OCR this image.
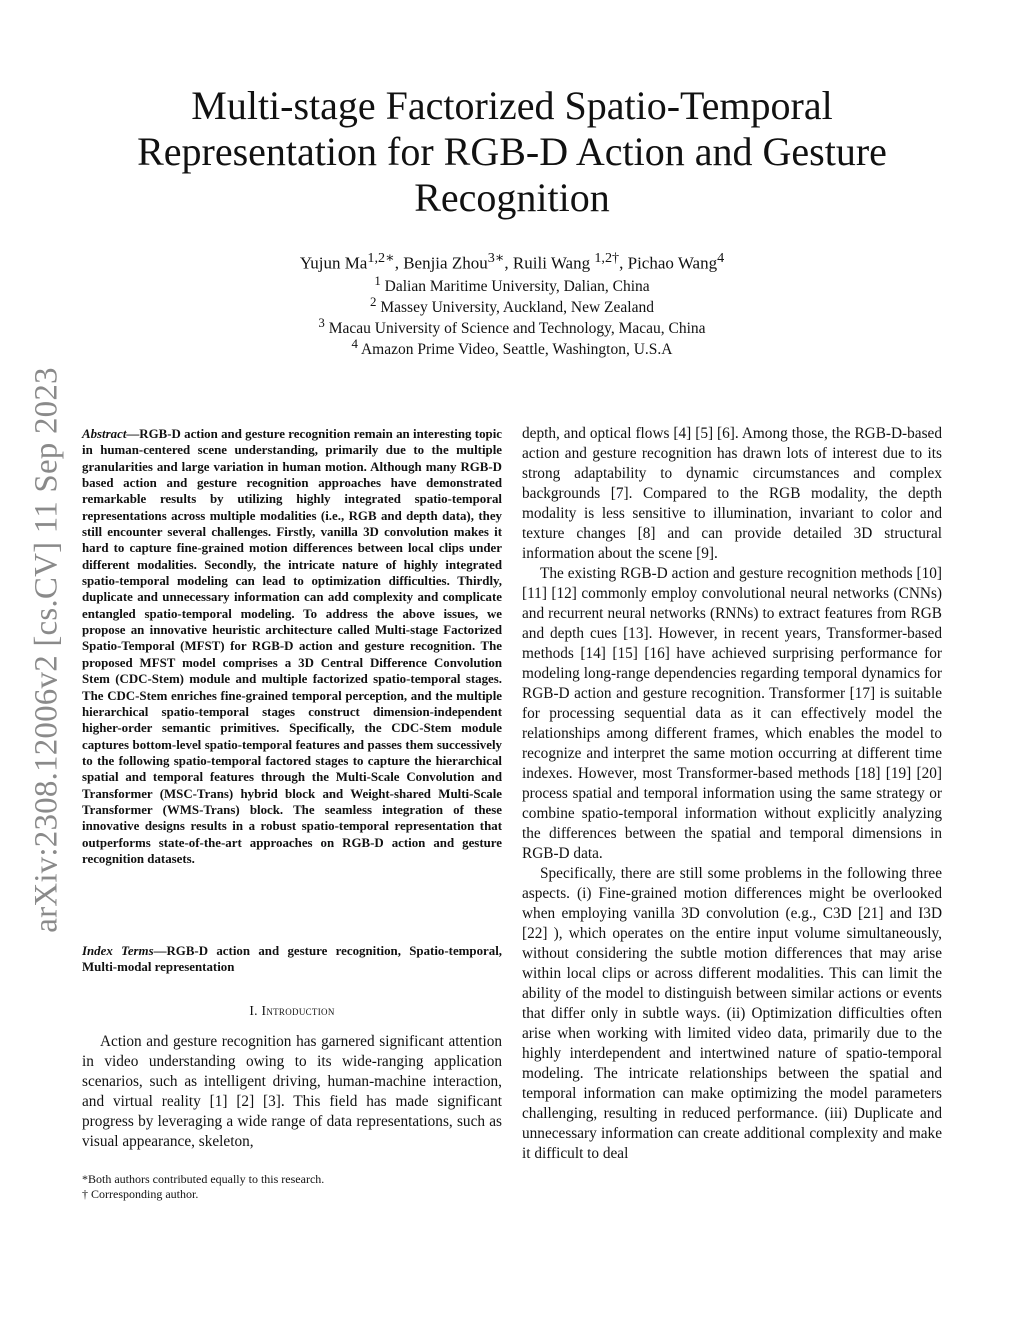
Multi-stage Factorized Spatio-Temporal Representation for RGB-D Action and Gesture Recognition
Yujun $Ma^{1,2∗}$, Benjia Zhou$^{3∗}$, Ruili Wang $^{1,2\dagger}$, Pichao Wang$^4$
$^1$ Dalian Maritime University, Dalian, China
$^2$ Massey University, Auckland, New Zealand
$^3$ Macau University of Science and Technology, Macau, China
$^4$ Amazon Prime Video, Seattle, Washington, U.S.A
arXiv:2308.12006v2 [cs.CV] 11 Sep 2023 Abstract—RGB-D action and gesture recognition remain an interesting topic in human-centered scene understanding, primarily due to the multiple granularities and large variation in human motion. Although many RGB-D based action and gesture recognition approaches have demonstrated remarkable results by utilizing highly integrated spatio-temporal representations across multiple modalities (i.e., RGB and depth data), they still encounter several challenges. Firstly, vanilla 3D convolution makes it hard to capture fine-grained motion differences between local clips under different modalities. Secondly, the intricate nature of highly integrated spatio-temporal modeling can lead to optimization difficulties. Thirdly, duplicate and unnecessary information can add complexity and complicate entangled spatio-temporal modeling. To address the above issues, we propose an innovative heuristic architecture called Multi-stage Factorized Spatio-Temporal (MFST) for RGB-D action and gesture recognition. The proposed MFST model comprises a 3D Central Difference Convolution Stem (CDC-Stem) module and multiple factorized spatio-temporal stages. The CDC-Stem enriches fine-grained temporal perception, and the multiple hierarchical spatio-temporal stages construct dimension-independent higher-order semantic primitives. Specifically, the CDC-Stem module captures bottom-level spatio-temporal features and passes them successively to the following spatio-temporal factored stages to capture the hierarchical spatial and temporal features through the Multi-Scale Convolution and Transformer (MSC-Trans) hybrid block and Weight-shared Multi-Scale Transformer (WMS-Trans) block. The seamless integration of these innovative designs results in a robust spatio-temporal representation that outperforms state-of-the-art approaches on RGB-D action and gesture recognition datasets.
Index Terms—RGB-D action and gesture recognition, Spatio-temporal, Multi-modal representation
I. Introduction
Action and gesture recognition has garnered significant attention in video understanding owing to its wide-ranging application scenarios, such as intelligent driving, human-machine interaction, and virtual reality [1] [2] [3]. This field has made significant progress by leveraging a wide range of data representations, such as visual appearance, skeleton,
*Both authors contributed equally to this research.
† Corresponding author.

depth, and optical flows [4] [5] [6]. Among those, the RGB-D-based action and gesture recognition has drawn lots of interest due to its strong adaptability to dynamic circumstances and complex backgrounds [7]. Compared to the RGB modality, the depth modality is less sensitive to illumination, invariant to color and texture changes [8] and can provide detailed 3D structural information about the scene [9].

The existing RGB-D action and gesture recognition methods [10] [11] [12] commonly employ convolutional neural networks (CNNs) and recurrent neural networks (RNNs) to extract features from RGB and depth cues [13]. However, in recent years, Transformer-based methods [14] [15] [16] have achieved surprising performance for modeling long-range dependencies regarding temporal dynamics for RGB-D action and gesture recognition. Transformer [17] is suitable for processing sequential data as it can effectively model the relationships among different frames, which enables the model to recognize and interpret the same motion occurring at different time indexes. However, most Transformer-based methods [18] [19] [20] process spatial and temporal information using the same strategy or combine spatio-temporal information without explicitly analyzing the differences between the spatial and temporal dimensions in RGB-D data.

Specifically, there are still some problems in the following three aspects. (i) Fine-grained motion differences might be overlooked when employing vanilla 3D convolution (e.g., C3D [21] and I3D [22] ), which operates on the entire input volume simultaneously, without considering the subtle motion differences that may arise within local clips or across different modalities. This can limit the ability of the model to distinguish between similar actions or events that differ only in subtle ways. (ii) Optimization difficulties often arise when working with limited video data, primarily due to the highly interdependent and intertwined nature of spatio-temporal modeling. The intricate relationships between the spatial and temporal information can make optimizing the model parameters challenging, resulting in reduced performance. (iii) Duplicate and unnecessary information can create additional complexity and make it difficult to deal
